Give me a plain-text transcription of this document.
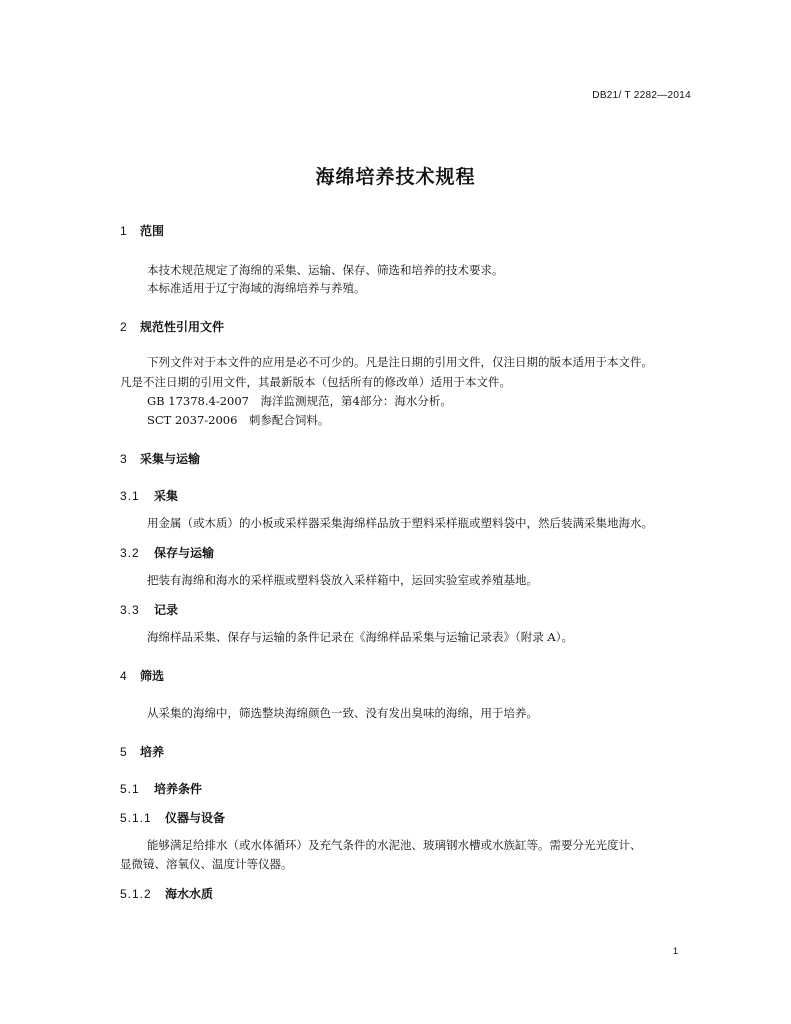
DB21/ T 2282—2014
海绵培养技术规程
1 范围
本技术规范规定了海绵的采集、运输、保存、筛选和培养的技术要求。
本标准适用于辽宁海域的海绵培养与养殖。
2 规范性引用文件
下列文件对于本文件的应用是必不可少的。凡是注日期的引用文件，仅注日期的版本适用于本文件。
凡是不注日期的引用文件，其最新版本（包括所有的修改单）适用于本文件。
GB 17378.4-2007　海洋监测规范，第4部分：海水分析。
SCT 2037-2006　刺参配合饲料。
3 采集与运输
3.1 采集
用金属（或木质）的小板或采样器采集海绵样品放于塑料采样瓶或塑料袋中，然后装满采集地海水。
3.2 保存与运输
把装有海绵和海水的采样瓶或塑料袋放入采样箱中，运回实验室或养殖基地。
3.3 记录
海绵样品采集、保存与运输的条件记录在《海绵样品采集与运输记录表》（附录 A）。
4 筛选
从采集的海绵中，筛选整块海绵颜色一致、没有发出臭味的海绵，用于培养。
5 培养
5.1 培养条件
5.1.1 仪器与设备
能够满足给排水（或水体循环）及充气条件的水泥池、玻璃钢水槽或水族缸等。需要分光光度计、
显微镜、溶氧仪、温度计等仪器。
5.1.2 海水水质
1
